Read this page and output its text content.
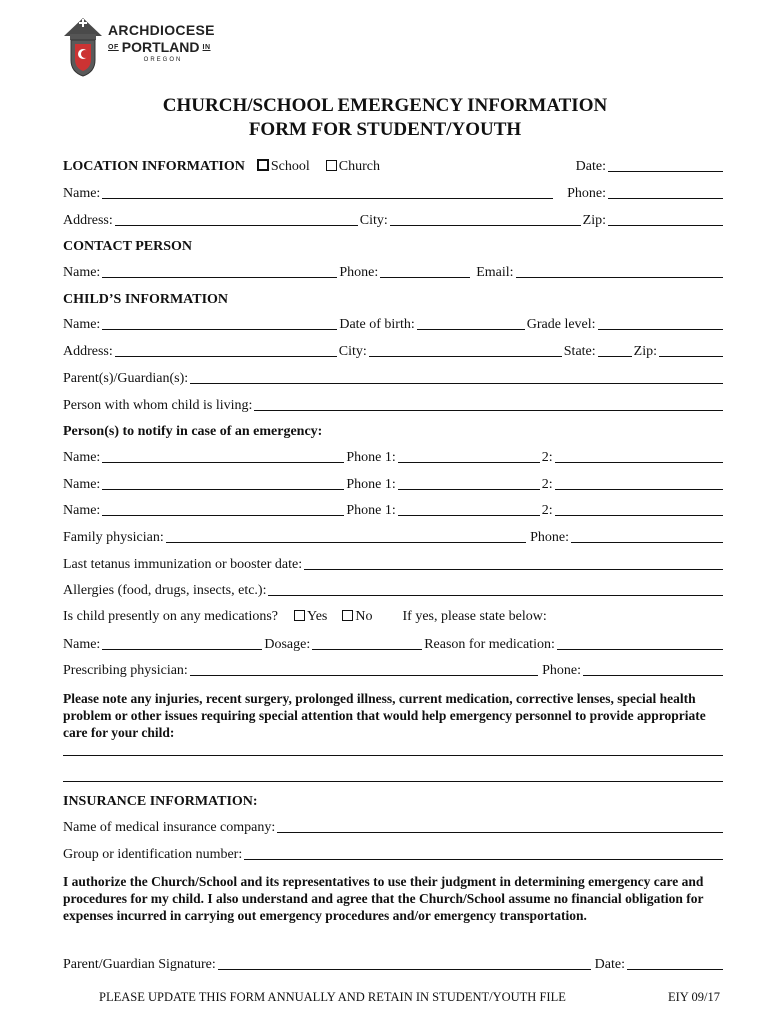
ARCHDIOCESE
OF PORTLAND IN
OREGON
CHURCH/SCHOOL EMERGENCY INFORMATION
FORM FOR STUDENT/YOUTH
LOCATION INFORMATION	School	Church	Date:
Name:	Phone:
Address:	City:	Zip:
CONTACT PERSON
Name:	Phone:	Email:
CHILD’S INFORMATION
Name:	Date of birth:	Grade level:
Address:	City:	State:	Zip:
Parent(s)/Guardian(s):
Person with whom child is living:
Person(s) to notify in case of an emergency:
Name:	Phone 1:	2:
Name:	Phone 1:	2:
Name:	Phone 1:	2:
Family physician:	Phone:
Last tetanus immunization or booster date:
Allergies (food, drugs, insects, etc.):
Is child presently on any medications?	Yes	No If yes, please state below:
Name:	Dosage:	Reason for medication:
Prescribing physician:	Phone:
Please note any injuries, recent surgery, prolonged illness, current medication, corrective lenses, special health problem or other issues requiring special attention that would help emergency personnel to provide appropriate care for your child:
INSURANCE INFORMATION:
Name of medical insurance company:
Group or identification number:
I authorize the Church/School and its representatives to use their judgment in determining emergency care and procedures for my child. I also understand and agree that the Church/School assume no financial obligation for expenses incurred in carrying out emergency procedures and/or emergency transportation.
Parent/Guardian Signature:	Date:
PLEASE UPDATE THIS FORM ANNUALLY AND RETAIN IN STUDENT/YOUTH FILE	EIY 09/17
